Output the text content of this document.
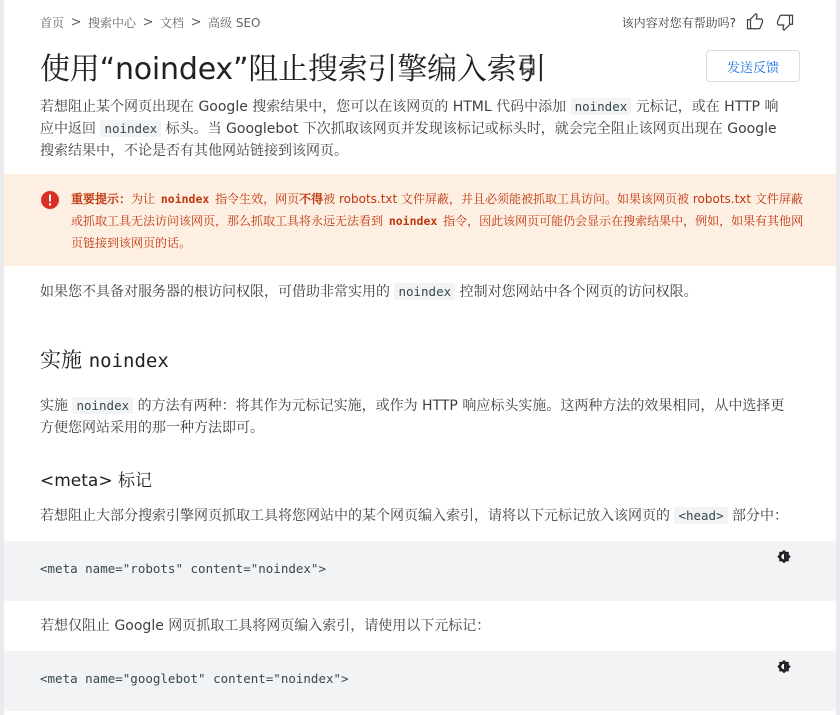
首页 > 搜索中心 > 文档 > 高级 SEO	该内容对您有帮助吗?
使用“noindex”阻止搜索引擎编入索引	发送反馈

若想阻止某个网页出现在 Google 搜索结果中，您可以在该网页的 HTML 代码中添加 noindex 元标记，或在 HTTP 响应中返回 noindex 标头。当 Googlebot 下次抓取该网页并发现该标记或标头时，就会完全阻止该网页出现在 Google 搜索结果中，不论是否有其他网站链接到该网页。

重要提示：为让 noindex 指令生效，网页不得被 robots.txt 文件屏蔽，并且必须能被抓取工具访问。如果该网页被 robots.txt 文件屏蔽或抓取工具无法访问该网页，那么抓取工具将永远无法看到 noindex 指令，因此该网页可能仍会显示在搜索结果中，例如，如果有其他网页链接到该网页的话。

如果您不具备对服务器的根访问权限，可借助非常实用的 noindex 控制对您网站中各个网页的访问权限。

实施 noindex

实施 noindex 的方法有两种：将其作为元标记实施，或作为 HTTP 响应标头实施。这两种方法的效果相同，从中选择更方便您网站采用的那一种方法即可。

<meta> 标记

若想阻止大部分搜索引擎网页抓取工具将您网站中的某个网页编入索引，请将以下元标记放入该网页的 <head> 部分中：

<meta name="robots" content="noindex">

若想仅阻止 Google 网页抓取工具将网页编入索引，请使用以下元标记：

<meta name="googlebot" content="noindex">
